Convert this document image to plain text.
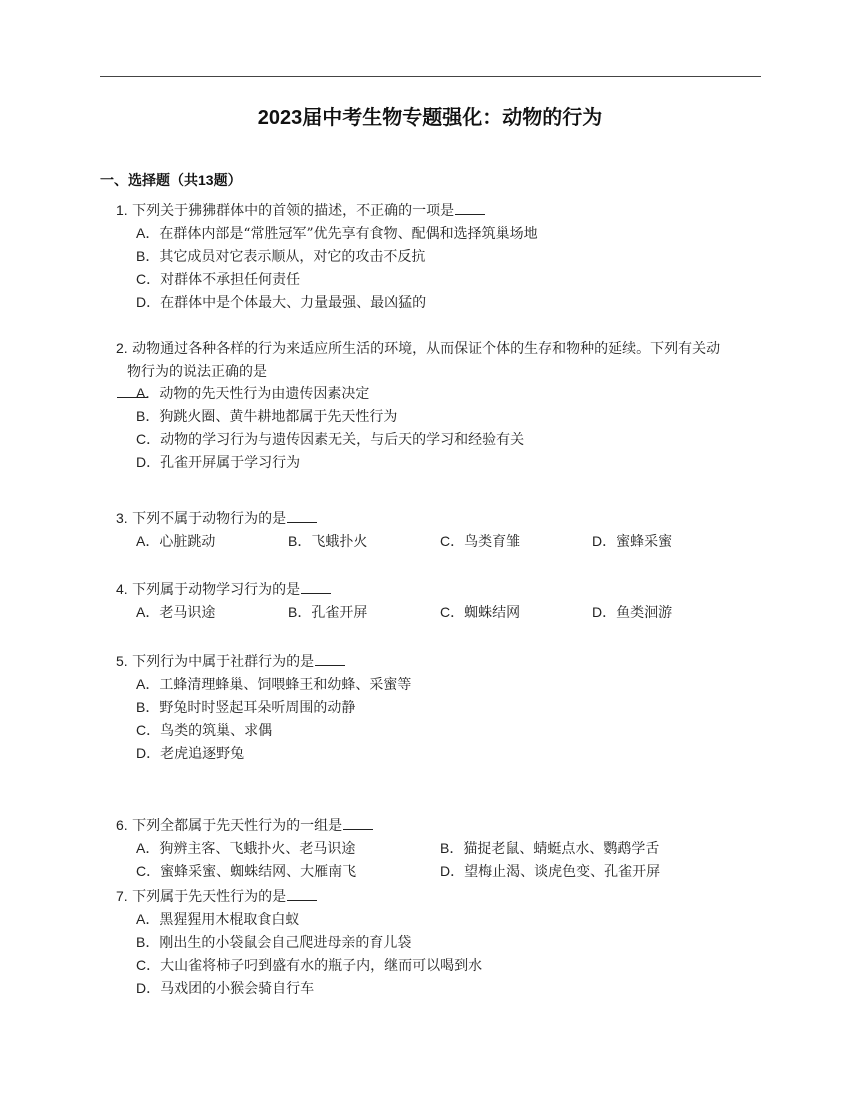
2023届中考生物专题强化：动物的行为
一、选择题（共13题）
1. 下列关于狒狒群体中的首领的描述，不正确的一项是
A．在群体内部是“常胜冠军”优先享有食物、配偶和选择筑巢场地
B．其它成员对它表示顺从，对它的攻击不反抗
C．对群体不承担任何责任
D．在群体中是个体最大、力量最强、最凶猛的
2. 动物通过各种各样的行为来适应所生活的环境，从而保证个体的生存和物种的延续。下列有关动
物行为的说法正确的是
A．动物的先天性行为由遗传因素决定
B．狗跳火圈、黄牛耕地都属于先天性行为
C．动物的学习行为与遗传因素无关，与后天的学习和经验有关
D．孔雀开屏属于学习行为
3. 下列不属于动物行为的是
A．心脏跳动	B．飞蛾扑火	C．鸟类育雏	D．蜜蜂采蜜
4. 下列属于动物学习行为的是
A．老马识途	B．孔雀开屏	C．蜘蛛结网	D．鱼类洄游
5. 下列行为中属于社群行为的是
A．工蜂清理蜂巢、饲喂蜂王和幼蜂、采蜜等
B．野兔时时竖起耳朵听周围的动静
C．鸟类的筑巢、求偶
D．老虎追逐野兔
6. 下列全都属于先天性行为的一组是
A．狗辨主客、飞蛾扑火、老马识途	B．猫捉老鼠、蜻蜓点水、鹦鹉学舌
C．蜜蜂采蜜、蜘蛛结网、大雁南飞	D．望梅止渴、谈虎色变、孔雀开屏
7. 下列属于先天性行为的是
A．黑猩猩用木棍取食白蚁
B．刚出生的小袋鼠会自己爬进母亲的育儿袋
C．大山雀将柿子叼到盛有水的瓶子内，继而可以喝到水
D．马戏团的小猴会骑自行车
